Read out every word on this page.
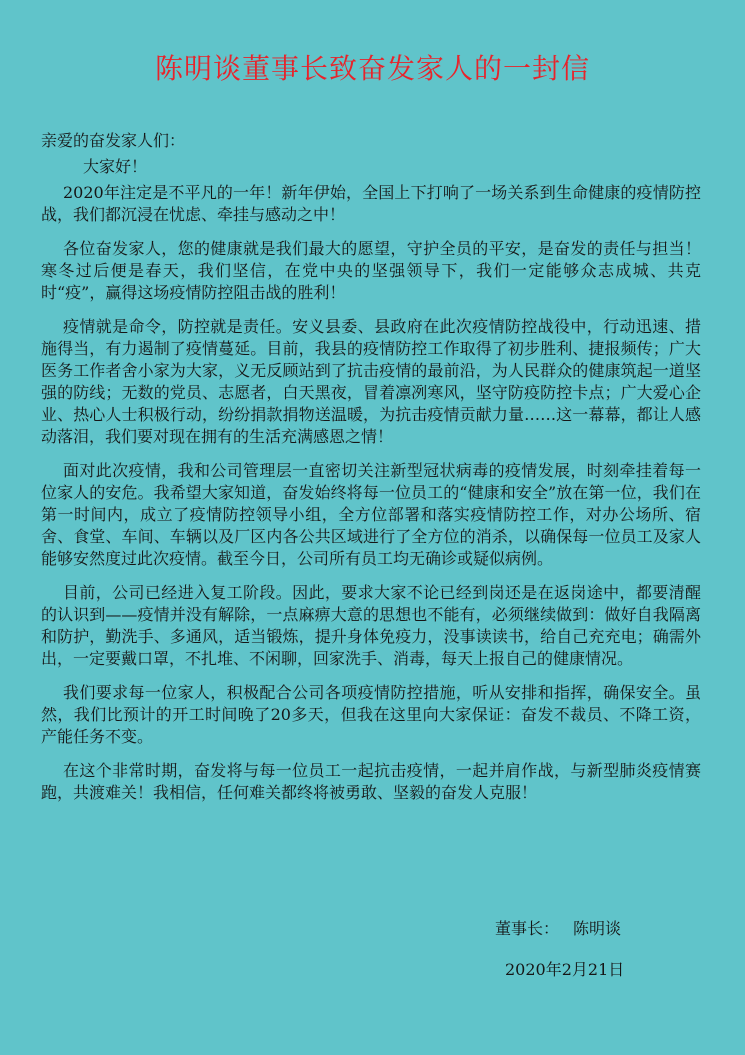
陈明谈董事长致奋发家人的一封信

亲爱的奋发家人们：

大家好！

2020年注定是不平凡的一年！新年伊始，全国上下打响了一场关系到生命健康的疫情防控战，我们都沉浸在忧虑、牵挂与感动之中！

各位奋发家人，您的健康就是我们最大的愿望，守护全员的平安，是奋发的责任与担当！寒冬过后便是春天，我们坚信，在党中央的坚强领导下，我们一定能够众志成城、共克时“疫”，赢得这场疫情防控阻击战的胜利！

疫情就是命令，防控就是责任。安义县委、县政府在此次疫情防控战役中，行动迅速、措施得当，有力遏制了疫情蔓延。目前，我县的疫情防控工作取得了初步胜利、捷报频传；广大医务工作者舍小家为大家，义无反顾站到了抗击疫情的最前沿，为人民群众的健康筑起一道坚强的防线；无数的党员、志愿者，白天黑夜，冒着凛冽寒风，坚守防疫防控卡点；广大爱心企业、热心人士积极行动，纷纷捐款捐物送温暖，为抗击疫情贡献力量……这一幕幕，都让人感动落泪，我们要对现在拥有的生活充满感恩之情！

面对此次疫情，我和公司管理层一直密切关注新型冠状病毒的疫情发展，时刻牵挂着每一位家人的安危。我希望大家知道，奋发始终将每一位员工的“健康和安全”放在第一位，我们在第一时间内，成立了疫情防控领导小组，全方位部署和落实疫情防控工作，对办公场所、宿舍、食堂、车间、车辆以及厂区内各公共区域进行了全方位的消杀，以确保每一位员工及家人能够安然度过此次疫情。截至今日，公司所有员工均无确诊或疑似病例。

目前，公司已经进入复工阶段。因此，要求大家不论已经到岗还是在返岗途中，都要清醒的认识到——疫情并没有解除，一点麻痹大意的思想也不能有，必须继续做到：做好自我隔离和防护，勤洗手、多通风，适当锻炼，提升身体免疫力，没事读读书，给自己充充电；确需外出，一定要戴口罩，不扎堆、不闲聊，回家洗手、消毒，每天上报自己的健康情况。

我们要求每一位家人，积极配合公司各项疫情防控措施，听从安排和指挥，确保安全。虽然，我们比预计的开工时间晚了20多天，但我在这里向大家保证：奋发不裁员、不降工资，产能任务不变。

在这个非常时期，奋发将与每一位员工一起抗击疫情，一起并肩作战，与新型肺炎疫情赛跑，共渡难关！我相信，任何难关都终将被勇敢、坚毅的奋发人克服！

董事长： 陈明谈
2020年2月21日
